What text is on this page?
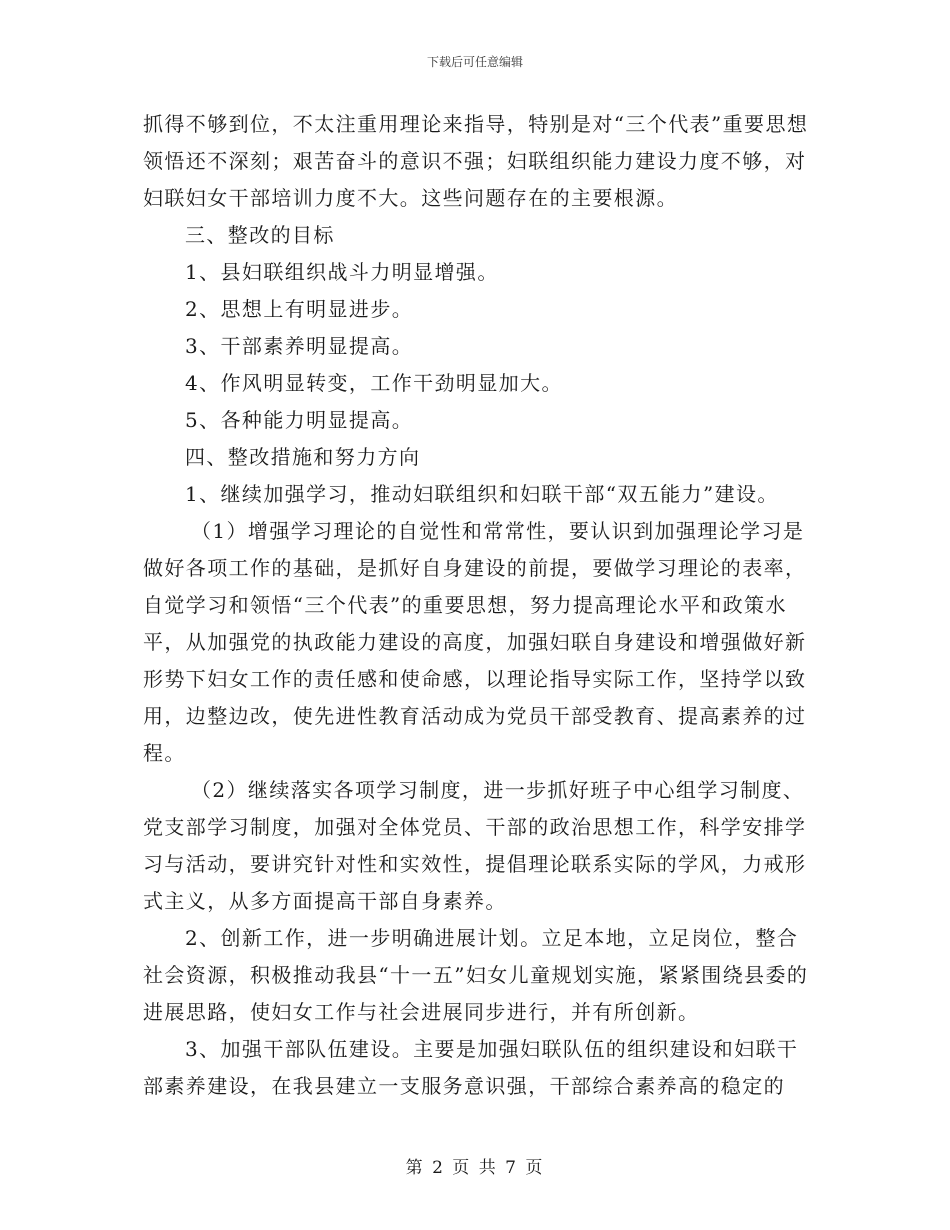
下载后可任意编辑

抓得不够到位，不太注重用理论来指导，特别是对“三个代表”重要思想领悟还不深刻；艰苦奋斗的意识不强；妇联组织能力建设力度不够，对妇联妇女干部培训力度不大。这些问题存在的主要根源。

三、整改的目标

1、县妇联组织战斗力明显增强。

2、思想上有明显进步。

3、干部素养明显提高。

4、作风明显转变，工作干劲明显加大。

5、各种能力明显提高。

四、整改措施和努力方向

1、继续加强学习，推动妇联组织和妇联干部“双五能力”建设。

（1）增强学习理论的自觉性和常常性，要认识到加强理论学习是做好各项工作的基础，是抓好自身建设的前提，要做学习理论的表率，自觉学习和领悟“三个代表”的重要思想，努力提高理论水平和政策水平，从加强党的执政能力建设的高度，加强妇联自身建设和增强做好新形势下妇女工作的责任感和使命感，以理论指导实际工作，坚持学以致用，边整边改，使先进性教育活动成为党员干部受教育、提高素养的过程。

（2）继续落实各项学习制度，进一步抓好班子中心组学习制度、党支部学习制度，加强对全体党员、干部的政治思想工作，科学安排学习与活动，要讲究针对性和实效性，提倡理论联系实际的学风，力戒形式主义，从多方面提高干部自身素养。

2、创新工作，进一步明确进展计划。立足本地，立足岗位，整合社会资源，积极推动我县“十一五”妇女儿童规划实施，紧紧围绕县委的进展思路，使妇女工作与社会进展同步进行，并有所创新。

3、加强干部队伍建设。主要是加强妇联队伍的组织建设和妇联干部素养建设，在我县建立一支服务意识强，干部综合素养高的稳定的

第 2 页 共 7 页
